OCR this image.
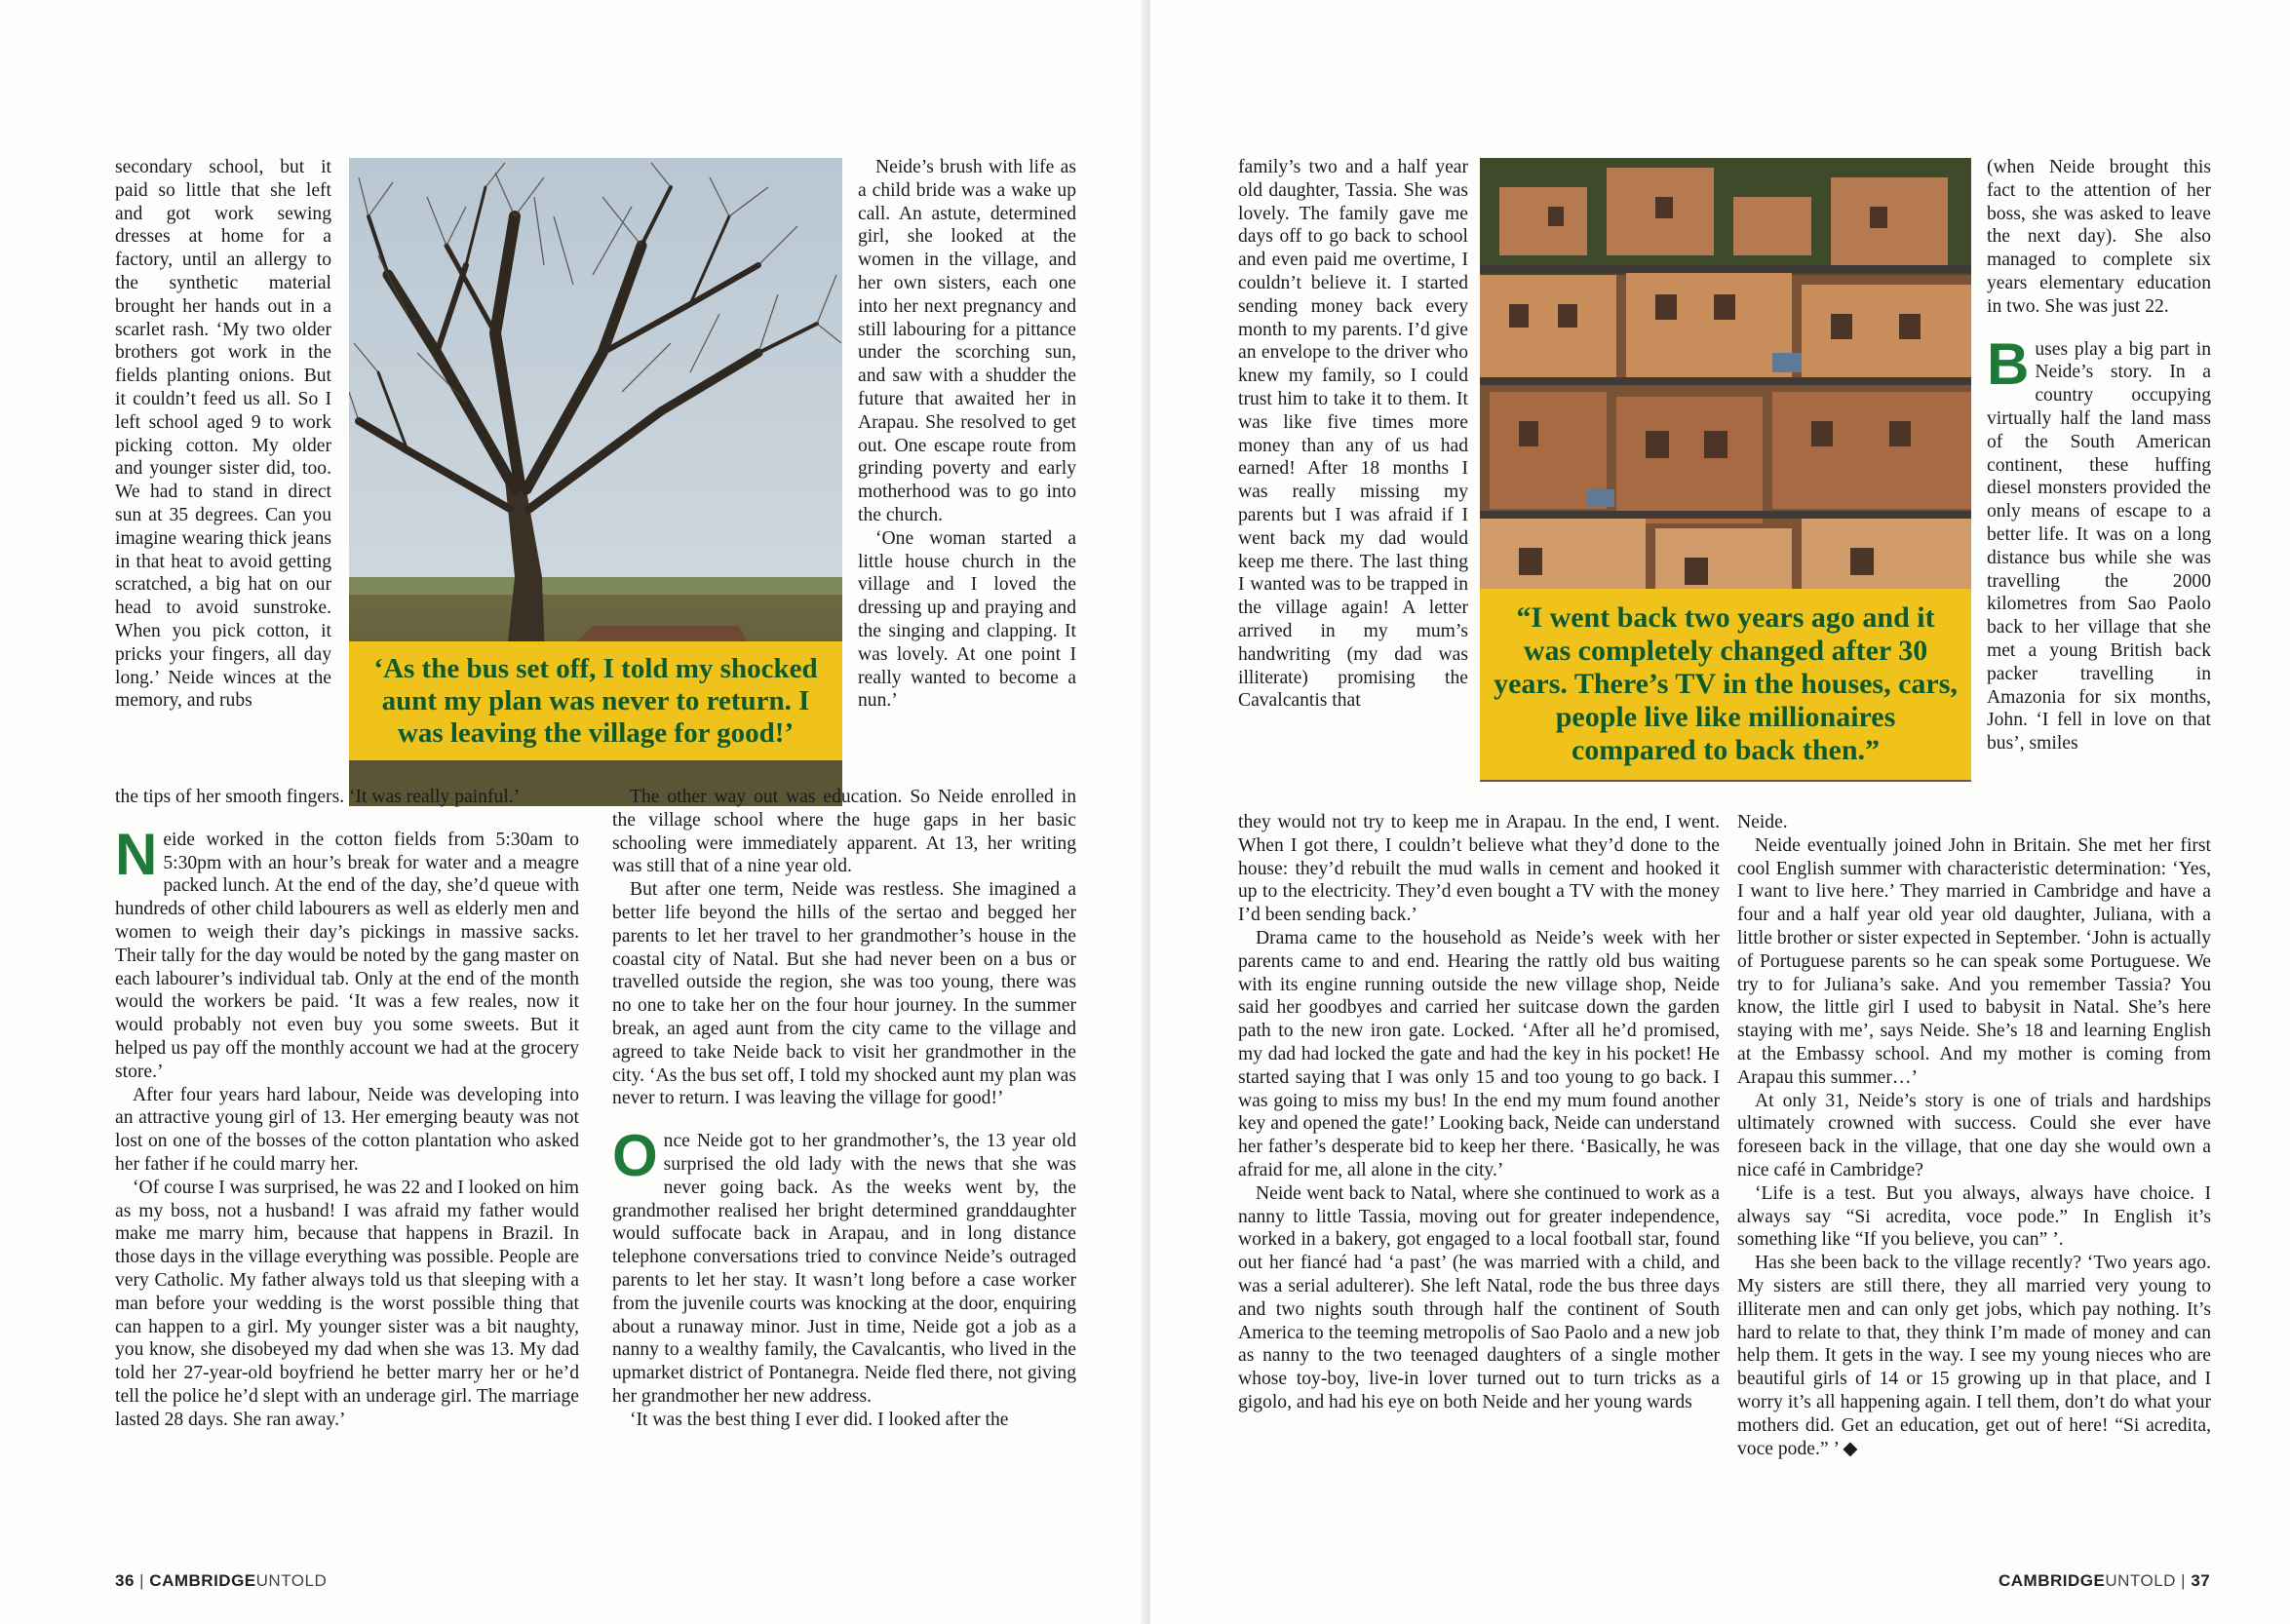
secondary school, but it paid so little that she left and got work sewing dresses at home for a factory, until an allergy to the synthetic material brought her hands out in a scarlet rash. ‘My two older brothers got work in the fields planting onions. But it couldn’t feed us all. So I left school aged 9 to work picking cotton. My older and younger sister did, too. We had to stand in direct sun at 35 degrees. Can you imagine wearing thick jeans in that heat to avoid getting scratched, a big hat on our head to avoid sunstroke. When you pick cotton, it pricks your fingers, all day long.’ Neide winces at the memory, and rubs

‘As the bus set off, I told my shocked aunt my plan was never to return. I was leaving the village for good!’

the tips of her smooth fingers. ‘It was really painful.’

Neide worked in the cotton fields from 5:30am to 5:30pm with an hour’s break for water and a meagre packed lunch. At the end of the day, she’d queue with hundreds of other child labourers as well as elderly men and women to weigh their day’s pickings in massive sacks. Their tally for the day would be noted by the gang master on each labourer’s individual tab. Only at the end of the month would the workers be paid. ‘It was a few reales, now it would probably not even buy you some sweets. But it helped us pay off the monthly account we had at the grocery store.’

After four years hard labour, Neide was developing into an attractive young girl of 13. Her emerging beauty was not lost on one of the bosses of the cotton plantation who asked her father if he could marry her.

‘Of course I was surprised, he was 22 and I looked on him as my boss, not a husband! I was afraid my father would make me marry him, because that happens in Brazil. In those days in the village everything was possible. People are very Catholic. My father always told us that sleeping with a man before your wedding is the worst possible thing that can happen to a girl. My younger sister was a bit naughty, you know, she disobeyed my dad when she was 13. My dad told her 27-year-old boyfriend he better marry her or he’d tell the police he’d slept with an underage girl. The marriage lasted 28 days. She ran away.’

Neide’s brush with life as a child bride was a wake up call. An astute, determined girl, she looked at the women in the village, and her own sisters, each one into her next pregnancy and still labouring for a pittance under the scorching sun, and saw with a shudder the future that awaited her in Arapau. She resolved to get out. One escape route from grinding poverty and early motherhood was to go into the church.

‘One woman started a little house church in the village and I loved the dressing up and praying and the singing and clapping. It was lovely. At one point I really wanted to become a nun.’

The other way out was education. So Neide enrolled in the village school where the huge gaps in her basic schooling were immediately apparent. At 13, her writing was still that of a nine year old.

But after one term, Neide was restless. She imagined a better life beyond the hills of the sertao and begged her parents to let her travel to her grandmother’s house in the coastal city of Natal. But she had never been on a bus or travelled outside the region, she was too young, there was no one to take her on the four hour journey. In the summer break, an aged aunt from the city came to the village and agreed to take Neide back to visit her grandmother in the city. ‘As the bus set off, I told my shocked aunt my plan was never to return. I was leaving the village for good!’

Once Neide got to her grandmother’s, the 13 year old surprised the old lady with the news that she was never going back. As the weeks went by, the grandmother realised her bright determined granddaughter would suffocate back in Arapau, and in long distance telephone conversations tried to convince Neide’s outraged parents to let her stay. It wasn’t long before a case worker from the juvenile courts was knocking at the door, enquiring about a runaway minor. Just in time, Neide got a job as a nanny to a wealthy family, the Cavalcantis, who lived in the upmarket district of Pontanegra. Neide fled there, not giving her grandmother her new address.

‘It was the best thing I ever did. I looked after the

36 | CAMBRIDGEUNTOLD

family’s two and a half year old daughter, Tassia. She was lovely. The family gave me days off to go back to school and even paid me overtime, I couldn’t believe it. I started sending money back every month to my parents. I’d give an envelope to the driver who knew my family, so I could trust him to take it to them. It was like five times more money than any of us had earned! After 18 months I was really missing my parents but I was afraid if I went back my dad would keep me there. The last thing I wanted was to be trapped in the village again! A letter arrived in my mum’s handwriting (my dad was illiterate) promising the Cavalcantis that

“I went back two years ago and it was completely changed after 30 years. There’s TV in the houses, cars, people live like millionaires compared to back then.”

they would not try to keep me in Arapau. In the end, I went. When I got there, I couldn’t believe what they’d done to the house: they’d rebuilt the mud walls in cement and hooked it up to the electricity. They’d even bought a TV with the money I’d been sending back.’

Drama came to the household as Neide’s week with her parents came to and end. Hearing the rattly old bus waiting with its engine running outside the new village shop, Neide said her goodbyes and carried her suitcase down the garden path to the new iron gate. Locked. ‘After all he’d promised, my dad had locked the gate and had the key in his pocket! He started saying that I was only 15 and too young to go back. I was going to miss my bus! In the end my mum found another key and opened the gate!’ Looking back, Neide can understand her father’s desperate bid to keep her there. ‘Basically, he was afraid for me, all alone in the city.’

Neide went back to Natal, where she continued to work as a nanny to little Tassia, moving out for greater independence, worked in a bakery, got engaged to a local football star, found out her fiancé had ‘a past’ (he was married with a child, and was a serial adulterer). She left Natal, rode the bus three days and two nights south through half the continent of South America to the teeming metropolis of Sao Paolo and a new job as nanny to the two teenaged daughters of a single mother whose toy-boy, live-in lover turned out to turn tricks as a gigolo, and had his eye on both Neide and her young wards

(when Neide brought this fact to the attention of her boss, she was asked to leave the next day). She also managed to complete six years elementary education in two. She was just 22.

Buses play a big part in Neide’s story. In a country occupying virtually half the land mass of the South American continent, these huffing diesel monsters provided the only means of escape to a better life. It was on a long distance bus while she was travelling the 2000 kilometres from Sao Paolo back to her village that she met a young British back packer travelling in Amazonia for six months, John. ‘I fell in love on that bus’, smiles

Neide.

Neide eventually joined John in Britain. She met her first cool English summer with characteristic determination: ‘Yes, I want to live here.’ They married in Cambridge and have a four and a half year old year old daughter, Juliana, with a little brother or sister expected in September. ‘John is actually of Portuguese parents so he can speak some Portuguese. We try to for Juliana’s sake. And you remember Tassia? You know, the little girl I used to babysit in Natal. She’s here staying with me’, says Neide. She’s 18 and learning English at the Embassy school. And my mother is coming from Arapau this summer…’

At only 31, Neide’s story is one of trials and hardships ultimately crowned with success. Could she ever have foreseen back in the village, that one day she would own a nice café in Cambridge?

‘Life is a test. But you always, always have choice. I always say “Si acredita, voce pode.” In English it’s something like “If you believe, you can” ’.

Has she been back to the village recently? ‘Two years ago. My sisters are still there, they all married very young to illiterate men and can only get jobs, which pay nothing. It’s hard to relate to that, they think I’m made of money and can help them. It gets in the way. I see my young nieces who are beautiful girls of 14 or 15 growing up in that place, and I worry it’s all happening again. I tell them, don’t do what your mothers did. Get an education, get out of here! “Si acredita, voce pode.” ’ ◆

CAMBRIDGEUNTOLD | 37
